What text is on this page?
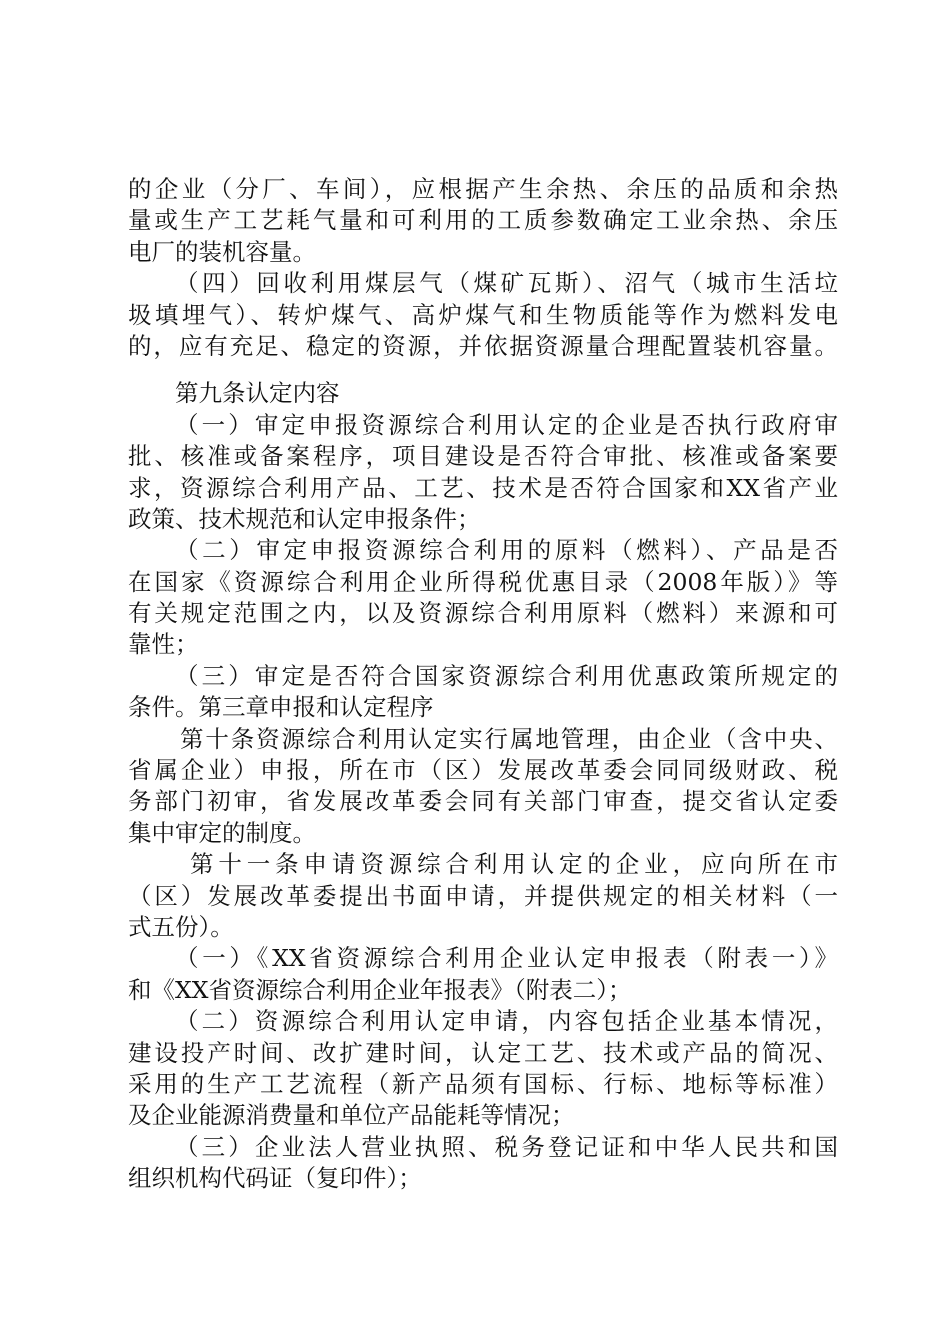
的企业（分厂、车间），应根据产生余热、余压的品质和余热
量或生产工艺耗气量和可利用的工质参数确定工业余热、余压
电厂的装机容量。
（四）回收利用煤层气（煤矿瓦斯）、沼气（城市生活垃
圾填埋气）、转炉煤气、高炉煤气和生物质能等作为燃料发电
的，应有充足、稳定的资源，并依据资源量合理配置装机容量。
第九条认定内容
（一）审定申报资源综合利用认定的企业是否执行政府审
批、核准或备案程序，项目建设是否符合审批、核准或备案要
求，资源综合利用产品、工艺、技术是否符合国家和XX省产业
政策、技术规范和认定申报条件；
（二）审定申报资源综合利用的原料（燃料）、产品是否
在国家《资源综合利用企业所得税优惠目录（2008年版）》等
有关规定范围之内，以及资源综合利用原料（燃料）来源和可
靠性；
（三）审定是否符合国家资源综合利用优惠政策所规定的
条件。第三章申报和认定程序
第十条资源综合利用认定实行属地管理，由企业（含中央、
省属企业）申报，所在市（区）发展改革委会同同级财政、税
务部门初审，省发展改革委会同有关部门审查，提交省认定委
集中审定的制度。
第十一条申请资源综合利用认定的企业，应向所在市
（区）发展改革委提出书面申请，并提供规定的相关材料（一
式五份）。
（一）《XX省资源综合利用企业认定申报表（附表一）》
和《XX省资源综合利用企业年报表》（附表二）；
（二）资源综合利用认定申请，内容包括企业基本情况，
建设投产时间、改扩建时间，认定工艺、技术或产品的简况、
采用的生产工艺流程（新产品须有国标、行标、地标等标准）
及企业能源消费量和单位产品能耗等情况；
（三）企业法人营业执照、税务登记证和中华人民共和国
组织机构代码证（复印件）；
